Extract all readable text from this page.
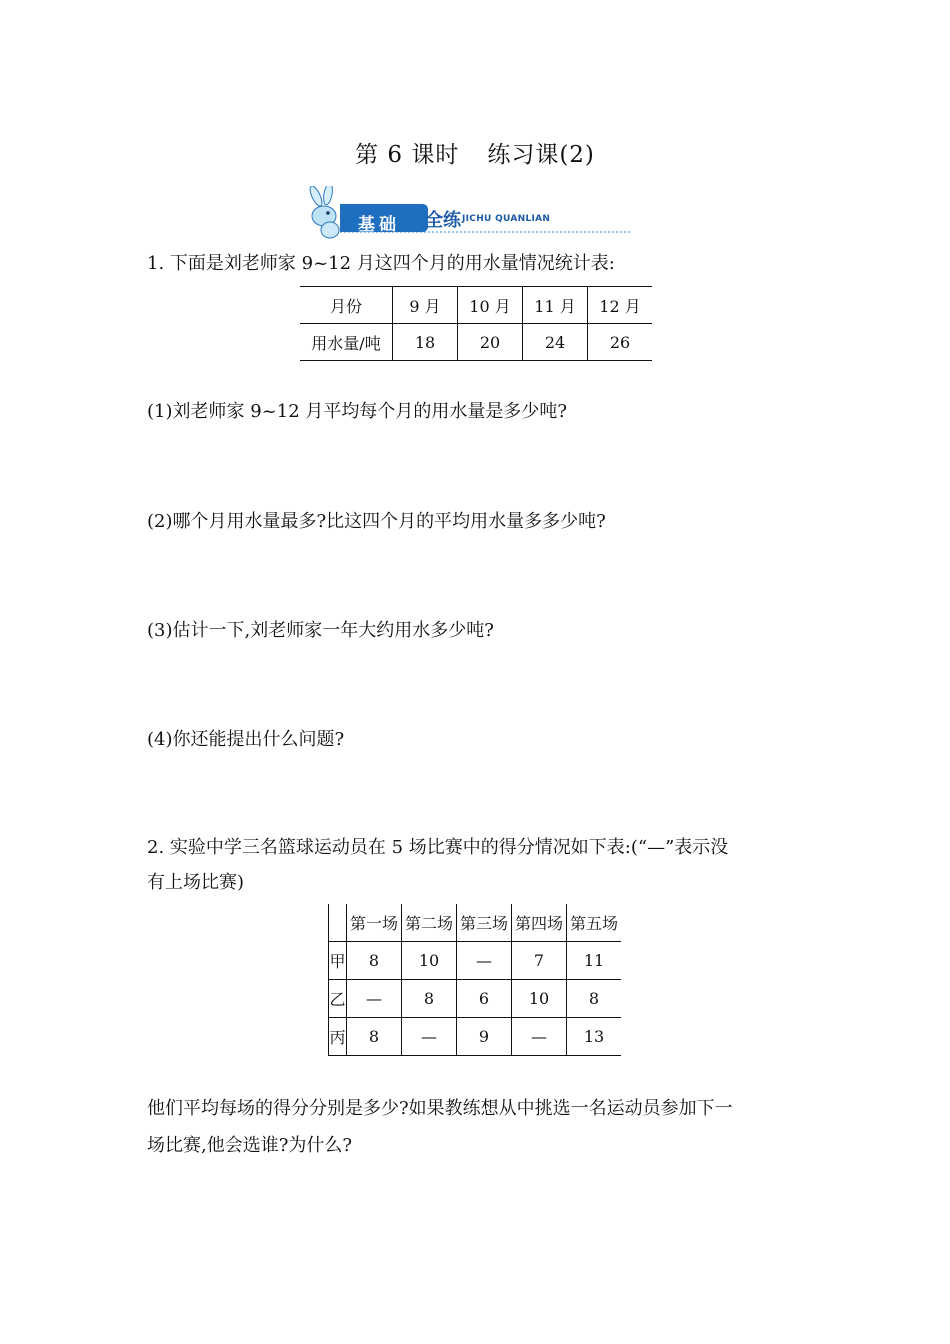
第 6 课时 练习课(2)
基础 全练 JICHU QUANLIAN
1. 下面是刘老师家 9~12 月这四个月的用水量情况统计表:
月份	9 月	10 月	11 月	12 月
用水量/吨	18	20	24	26
(1)刘老师家 9~12 月平均每个月的用水量是多少吨?
(2)哪个月用水量最多?比这四个月的平均用水量多多少吨?
(3)估计一下,刘老师家一年大约用水多少吨?
(4)你还能提出什么问题?
2. 实验中学三名篮球运动员在 5 场比赛中的得分情况如下表:(“—”表示没
有上场比赛)
	第一场	第二场	第三场	第四场	第五场
甲	8	10	—	7	11
乙	—	8	6	10	8
丙	8	—	9	—	13
他们平均每场的得分分别是多少?如果教练想从中挑选一名运动员参加下一
场比赛,他会选谁?为什么?
